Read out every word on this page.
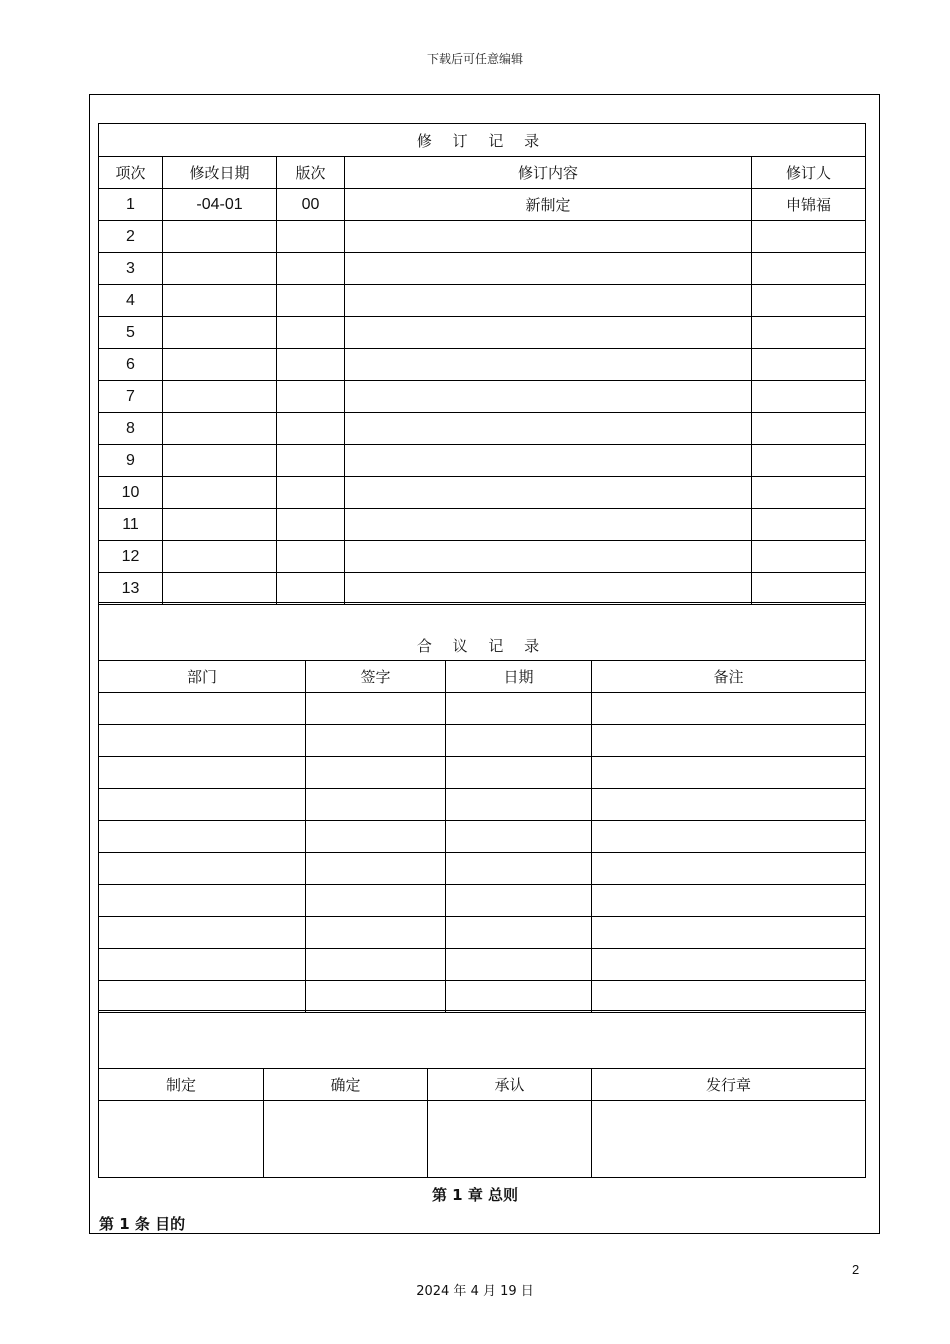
下载后可任意编辑
修 订 记 录				
项次	修改日期	版次	修订内容	修订人
1	-04-01	00	新制定	申锦福
2				
3				
4				
5				
6				
7				
8				
9				
10				
11				
12				
13				
合 议 记 录			
部门	签字	日期	备注

制定	确定	承认	发行章

第 1 章 总则
第 1 条 目的
2
2024 年 4 月 19 日
